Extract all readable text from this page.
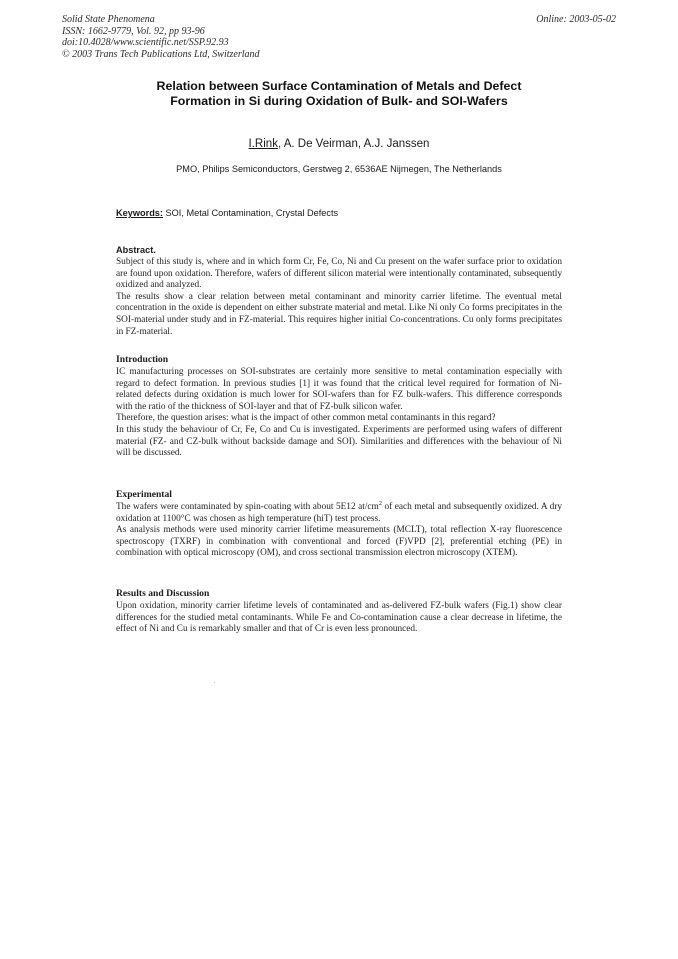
Solid State Phenomena
ISSN: 1662-9779, Vol. 92, pp 93-96
doi:10.4028/www.scientific.net/SSP.92.93
© 2003 Trans Tech Publications Ltd, Switzerland
Online: 2003-05-02
Relation between Surface Contamination of Metals and Defect
Formation in Si during Oxidation of Bulk- and SOI-Wafers
I.Rink, A. De Veirman, A.J. Janssen
PMO, Philips Semiconductors, Gerstweg 2, 6536AE Nijmegen, The Netherlands
Keywords: SOI, Metal Contamination, Crystal Defects
Abstract.

Subject of this study is, where and in which form Cr, Fe, Co, Ni and Cu present on the wafer surface prior to oxidation are found upon oxidation. Therefore, wafers of different silicon material were intentionally contaminated, subsequently oxidized and analyzed.

The results show a clear relation between metal contaminant and minority carrier lifetime. The eventual metal concentration in the oxide is dependent on either substrate material and metal. Like Ni only Co forms precipitates in the SOI-material under study and in FZ-material. This requires higher initial Co-concentrations. Cu only forms precipitates in FZ-material.

Introduction

IC manufacturing processes on SOI-substrates are certainly more sensitive to metal contamination especially with regard to defect formation. In previous studies [1] it was found that the critical level required for formation of Ni-related defects during oxidation is much lower for SOI-wafers than for FZ bulk-wafers. This difference corresponds with the ratio of the thickness of SOI-layer and that of FZ-bulk silicon wafer.

Therefore, the question arises: what is the impact of other common metal contaminants in this regard?

In this study the behaviour of Cr, Fe, Co and Cu is investigated. Experiments are performed using wafers of different material (FZ- and CZ-bulk without backside damage and SOI). Similarities and differences with the behaviour of Ni will be discussed.

Experimental

The wafers were contaminated by spin-coating with about 5E12 $at/cm^2$ of each metal and subsequently oxidized. A dry oxidation at 1100°C was chosen as high temperature (hiT) test process.

As analysis methods were used minority carrier lifetime measurements (MCLT), total reflection X-ray fluorescence spectroscopy (TXRF) in combination with conventional and forced (F)VPD [2], preferential etching (PE) in combination with optical microscopy (OM), and cross sectional transmission electron microscopy (XTEM).

Results and Discussion

Upon oxidation, minority carrier lifetime levels of contaminated and as-delivered FZ-bulk wafers (Fig.1) show clear differences for the studied metal contaminants. While Fe and Co-contamination cause a clear decrease in lifetime, the effect of Ni and Cu is remarkably smaller and that of Cr is even less pronounced.
